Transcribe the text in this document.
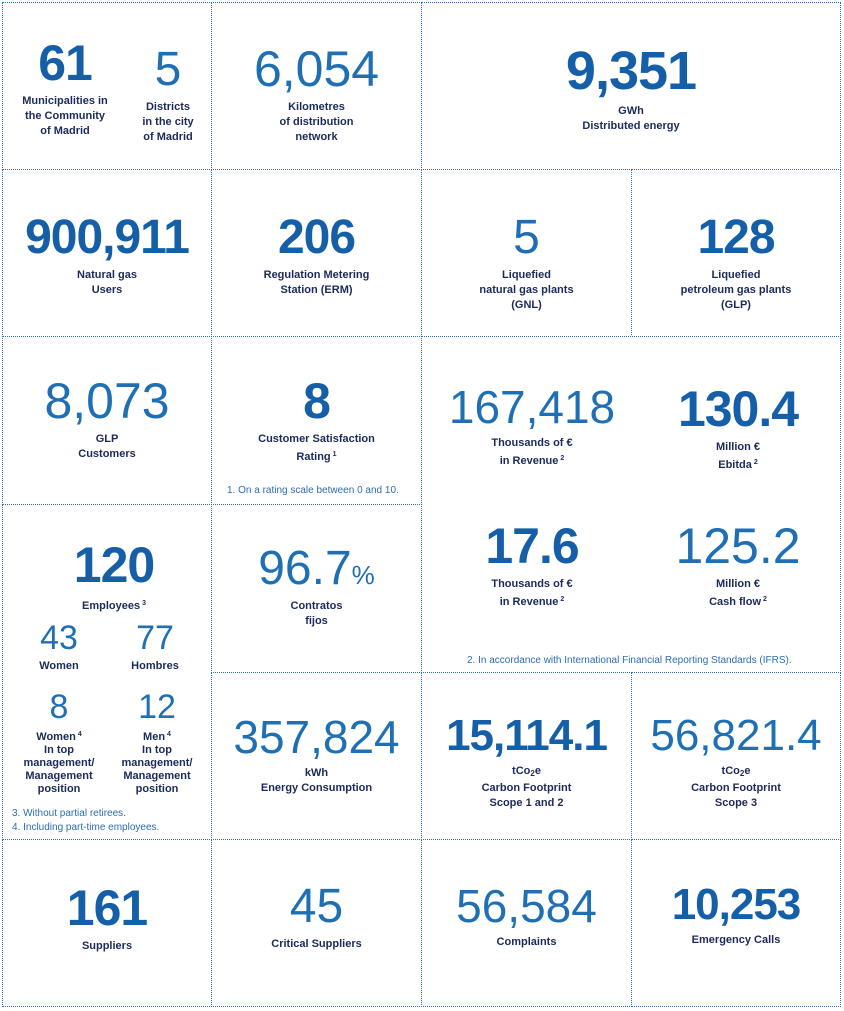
61
Municipalities in
the Community
of Madrid
5
Districts
in the city
of Madrid
6,054
Kilometres
of distribution
network
9,351
GWh
Distributed energy
900,911
Natural gas
Users
206
Regulation Metering
Station (ERM)
5
Liquefied
natural gas plants
(GNL)
128
Liquefied
petroleum gas plants
(GLP)
8,073
GLP
Customers
8
Customer Satisfaction
Rating $^1$
1. On a rating scale between 0 and 10.
167,418
Thousands of €
in Revenue $^2$
130.4
Million €
Ebitda $^2$
120
Employees $^3$
43
Women
77
Hombres
8
Women $^4$
In top
management/
Management
position
12
Men $^4$
In top
management/
Management
position
3. Without partial retirees.
4. Including part-time employees.
96.7%
Contratos
fijos
17.6
Thousands of €
in Revenue $^2$
125.2
Million €
Cash flow $^2$
2. In accordance with International Financial Reporting Standards (IFRS).
357,824
kWh
Energy Consumption
15,114.1
tCo2e
Carbon Footprint
Scope 1 and 2
56,821.4
tCo2e
Carbon Footprint
Scope 3
161
Suppliers
45
Critical Suppliers
56,584
Complaints
10,253
Emergency Calls
